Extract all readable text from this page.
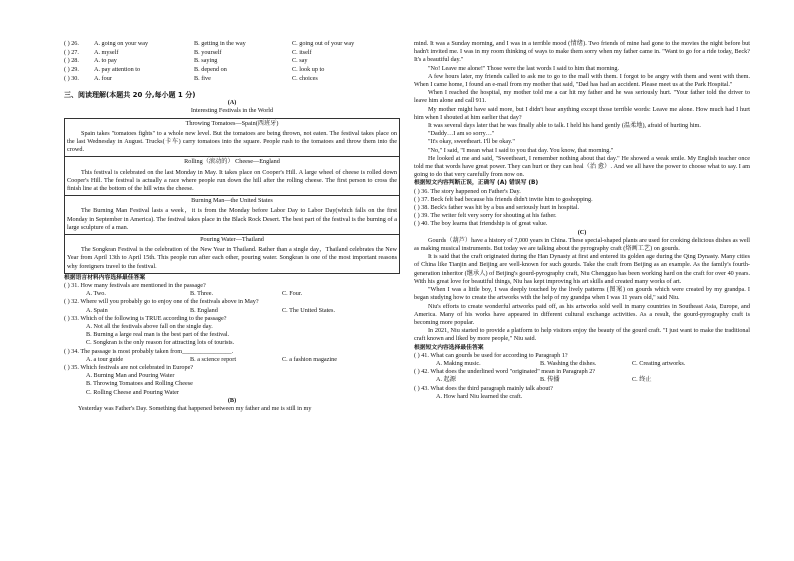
( ) 26.	A. going on your way	B. getting in the way	C. going out of your way
( ) 27.	A. myself	B. yourself	C. itself
( ) 28.	A. to pay	B. saying	C. say
( ) 29.	A. pay attention to	B. depend on	C. look up to
( ) 30.	A. four	B. five	C. choices
三、阅读理解(本题共 20 分,每小题 1 分)
(A)
Interesting Festivals in the World
Throwing Tomatoes—Spain(西班牙)

Spain takes "tomatoes fights" to a whole new level. But the tomatoes are being thrown, not eaten. The festival takes place on the last Wednesday in August. Trucks(卡车) carry tomatoes into the square. People rush to the tomatoes and throw them into the crowd.

Rolling（滚动的） Cheese—England

This festival is celebrated on the last Monday in May. It takes place on Cooper's Hill. A large wheel of cheese is rolled down Cooper's Hill. The festival is actually a race where people run down the hill after the rolling cheese. The first person to cross the finish line at the bottom of the hill wins the cheese.

Burning Man—the United States

The Burning Man Festival lasts a week，it is from the Monday before Labor Day to Labor Day(which falls on the first Monday in September in America). The festival takes place in the Black Rock Desert. The best part of the festival is the burning of a large sculpture of a man.

Pouring Water—Thailand

The Songkran Festival is the celebration of the New Year in Thailand. Rather than a single day，Thailand celebrates the New Year from April 13th to April 15th. This people run after each other, pouring water. Songkran is one of the most important reasons why foreigners travel to the festival.

根据语言材料内容选择最佳答案
( ) 31. How many festivals are mentioned in the passage?
A. Two.	B. Three.	C. Four.
( ) 32. Where will you probably go to enjoy one of the festivals above in May?
A. Spain	B. England	C. The United States.
( ) 33. Which of the following is TRUE according to the passage?
A. Not all the festivals above fall on the single day.
B. Burning a large real man is the best part of the festival.
C. Songkran is the only reason for attracting lots of tourists.
( ) 34. The passage is most probably taken from________________.
A. a tour guide	B. a science report	C. a fashion magazine
( ) 35. Which festivals are not celebrated in Europe?
A. Burning Man and Pouring Water
B. Throwing Tomatoes and Rolling Cheese
C. Rolling Cheese and Pouring Water
(B)

Yesterday was Father's Day. Something that happened between my father and me is still in my

mind. It was a Sunday morning, and I was in a terrible mood (情绪). Two friends of mine had gone to the movies the night before but hadn't invited me. I was in my room thinking of ways to make them sorry when my father came in. "Want to go for a ride today, Beck? It's a beautiful day."

"No! Leave me alone!" Those were the last words I said to him that morning.

A few hours later, my friends called to ask me to go to the mall with them. I forgot to be angry with them and went with them. When I came home, I found an e-mail from my mother that said, "Dad has had an accident. Please meet us at the Park Hospital."

When I reached the hospital, my mother told me a car hit my father and he was seriously hurt. "Your father told the driver to leave him alone and call 911.

My mother might have said more, but I didn't hear anything except those terrible words: Leave me alone. How much had I hurt him when I shouted at him earlier that day?

It was several days later that he was finally able to talk. I held his hand gently (温柔地), afraid of hurting him.

"Daddy…I am so sorry…"

"It's okay, sweetheart. I'll be okay."

"No," I said, "I mean what I said to you that day. You know, that morning."

He looked at me and said, "Sweetheart, I remember nothing about that day." He showed a weak smile. My English teacher once told me that words have great power. They can hurt or they can heal（治 愈）. And we all have the power to choose what to say. I am going to do that very carefully from now on.

根据短文内容判断正误，正确写 (A) 错误写 (B)
( ) 36. The story happened on Father's Day.
( ) 37. Beck felt bad because his friends didn't invite him to goshopping.
( ) 38. Beck's father was hit by a bus and seriously hurt in hospital.
( ) 39. The writer felt very sorry for shouting at his father.
( ) 40. The boy learns that friendship is of great value.
(C)

Gourds（葫芦）have a history of 7,000 years in China. These special-shaped plants are used for cooking delicious dishes as well as making musical instruments. But today we are talking about the pyrography craft (烙画工艺) on gourds.

It is said that the craft originated during the Han Dynasty at first and entered its golden age during the Qing Dynasty. Many cities of China like Tianjin and Beijing are well-known for such gourds. Take the craft from Beijing as an example. As the family's fourth-generation inheritor (继承人) of Beijing's gourd-pyrography craft, Niu Chengguo has been working hard on the craft for over 40 years. With his great love for beautiful things, Niu has kept improving his art skills and created many works of art.

"When I was a little boy, I was deeply touched by the lively patterns (图案) on gourds which were created by my grandpa. I began studying how to create the artworks with the help of my grandpa when I was 11 years old," said Niu.

Niu's efforts to create wonderful artworks paid off, as his artworks sold well in many countries in Southeast Asia, Europe, and America. Many of his works have appeared in different cultural exchange activities. As a result, the gourd-pyrography craft is becoming more popular.

In 2021, Niu started to provide a platform to help visitors enjoy the beauty of the gourd craft. "I just want to make the traditional craft known and liked by more people," Niu said.

根据短文内容选择最佳答案
( ) 41. What can gourds be used for according to Paragraph 1?
A. Making music.	B. Washing the dishes.	C. Creating artworks.
( ) 42. What does the underlined word "originated" mean in Paragraph 2?
A. 起源	B. 传播	C. 终止
( ) 43. What does the third paragraph mainly talk about?
A. How hard Niu learned the craft.
